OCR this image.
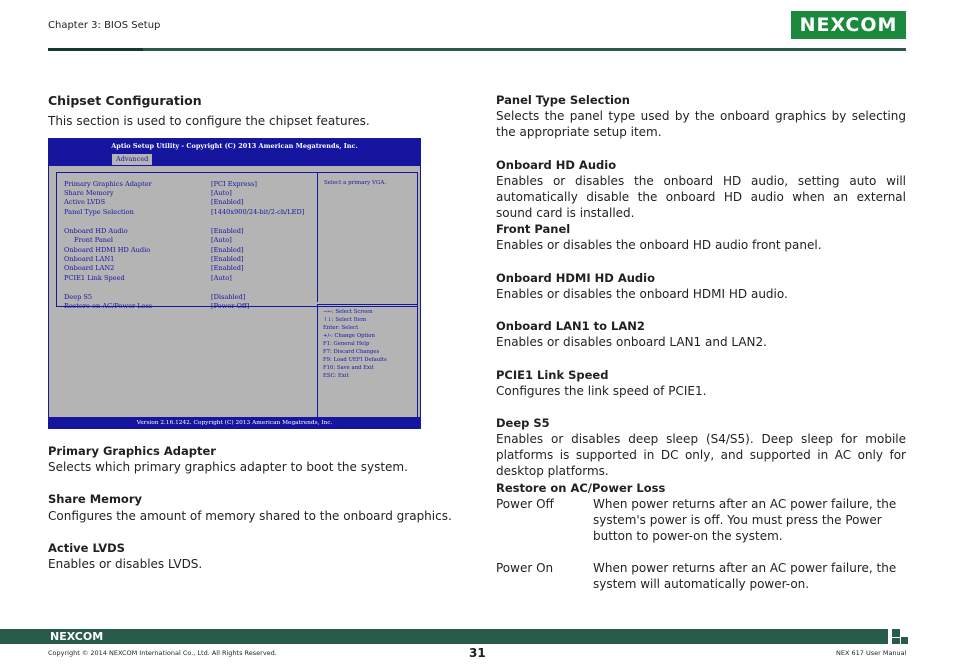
Chapter 3: BIOS Setup	NEXCOM
Chipset Configuration
This section is used to configure the chipset features.
Aptio Setup Utility - Copyright (C) 2013 American Megatrends, Inc.
Advanced
Primary Graphics Adapter	[PCI Express]
Share Memory	[Auto]
Active LVDS	[Enabled]
Panel Type Selection	[1440x900/24-bit/2-ch/LED]
Onboard HD Audio	[Enabled]
Front Panel	[Auto]
Onboard HDMI HD Audio	[Enabled]
Onboard LAN1	[Enabled]
Onboard LAN2	[Enabled]
PCIE1 Link Speed	[Auto]
Deep S5	[Disabled]
Restore on AC/Power Loss	[Power Off]
Select a primary VGA.
→←: Select Screen
↑↓: Select Item
Enter: Select
+/-: Change Option
F1: General Help
F7: Discard Changes
F9: Load UEFI Defaults
F10: Save and Exit
ESC: Exit
Version 2.16.1242. Copyright (C) 2013 American Megatrends, Inc.
Primary Graphics Adapter
Selects which primary graphics adapter to boot the system.
Share Memory
Configures the amount of memory shared to the onboard graphics.
Active LVDS
Enables or disables LVDS.
Panel Type Selection
Selects the panel type used by the onboard graphics by selecting the appropriate setup item.
Onboard HD Audio
Enables or disables the onboard HD audio, setting auto will automatically disable the onboard HD audio when an external sound card is installed.
Front Panel
Enables or disables the onboard HD audio front panel.
Onboard HDMI HD Audio
Enables or disables the onboard HDMI HD audio.
Onboard LAN1 to LAN2
Enables or disables onboard LAN1 and LAN2.
PCIE1 Link Speed
Configures the link speed of PCIE1.
Deep S5
Enables or disables deep sleep (S4/S5). Deep sleep for mobile platforms is supported in DC only, and supported in AC only for desktop platforms.
Restore on AC/Power Loss
Power Off	When power returns after an AC power failure, the system's power is off. You must press the Power button to power-on the system.
Power On	When power returns after an AC power failure, the system will automatically power-on.
NEXCOM
Copyright © 2014 NEXCOM International Co., Ltd. All Rights Reserved.	31	NEX 617 User Manual
